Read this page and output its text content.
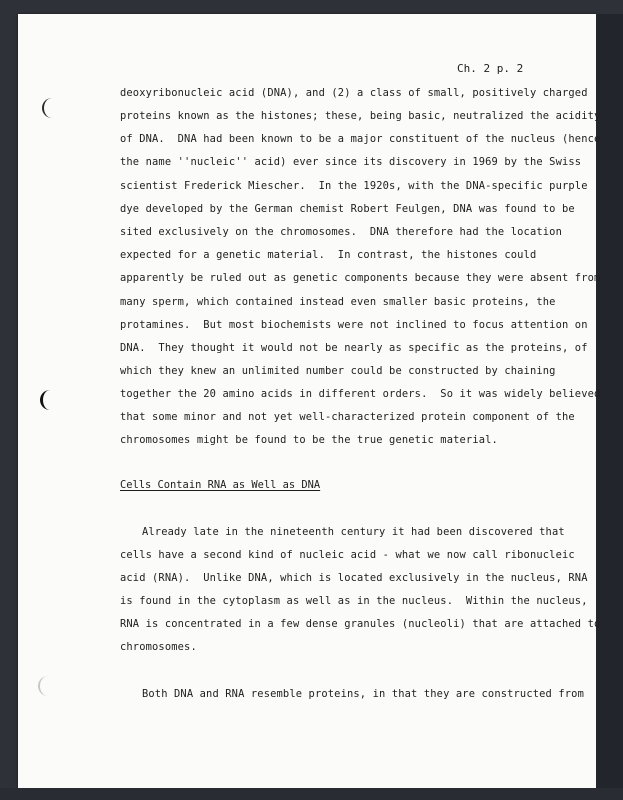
Ch. 2 p. 2
deoxyribonucleic acid (DNA), and (2) a class of small, positively charged
proteins known as the histones; these, being basic, neutralized the acidity
of DNA.  DNA had been known to be a major constituent of the nucleus (hence
the name ''nucleic'' acid) ever since its discovery in 1969 by the Swiss
scientist Frederick Miescher.  In the 1920s, with the DNA-specific purple
dye developed by the German chemist Robert Feulgen, DNA was found to be
sited exclusively on the chromosomes.  DNA therefore had the location
expected for a genetic material.  In contrast, the histones could
apparently be ruled out as genetic components because they were absent from
many sperm, which contained instead even smaller basic proteins, the
protamines.  But most biochemists were not inclined to focus attention on
DNA.  They thought it would not be nearly as specific as the proteins, of
which they knew an unlimited number could be constructed by chaining
together the 20 amino acids in different orders.  So it was widely believed
that some minor and not yet well-characterized protein component of the
chromosomes might be found to be the true genetic material.
Cells Contain RNA as Well as DNA
Already late in the nineteenth century it had been discovered that
cells have a second kind of nucleic acid - what we now call ribonucleic
acid (RNA).  Unlike DNA, which is located exclusively in the nucleus, RNA
is found in the cytoplasm as well as in the nucleus.  Within the nucleus,
RNA is concentrated in a few dense granules (nucleoli) that are attached to
chromosomes.
Both DNA and RNA resemble proteins, in that they are constructed from
